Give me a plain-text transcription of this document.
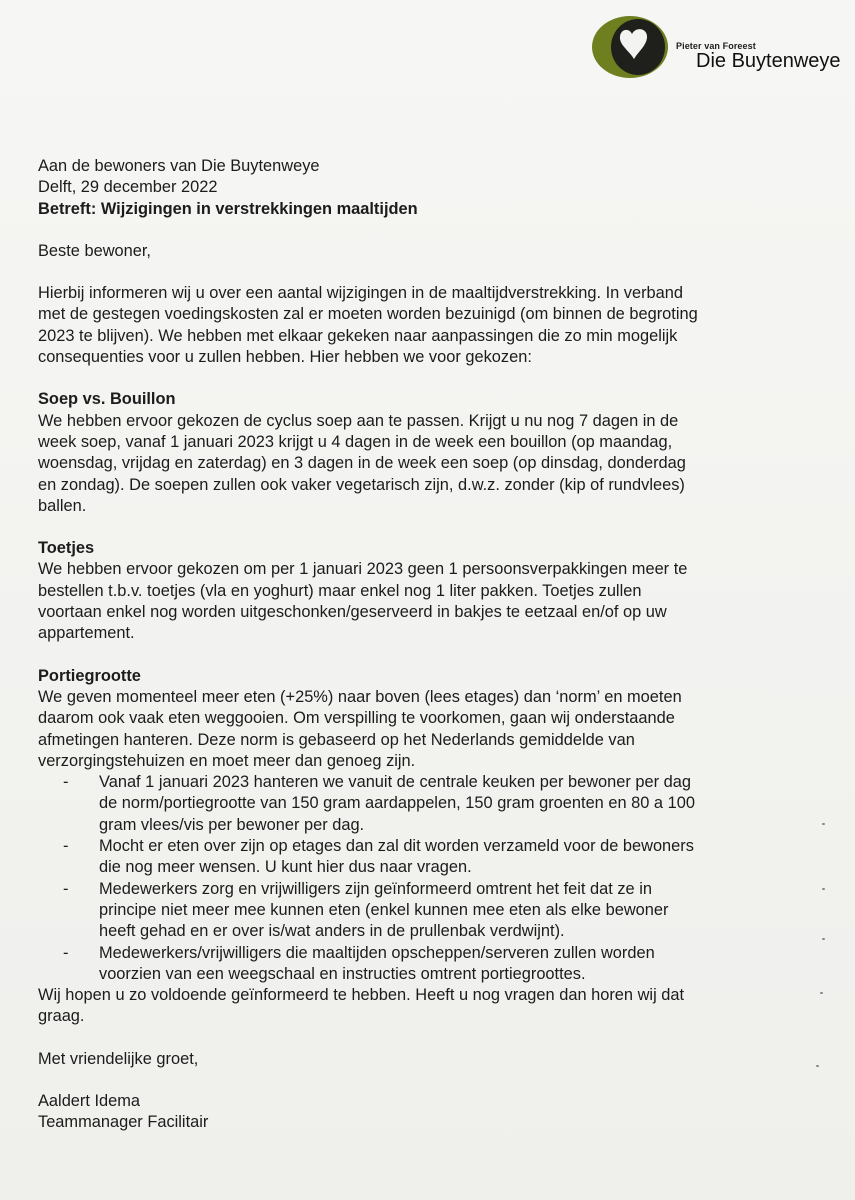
Pieter van Foreest
Die Buytenweye
Aan de bewoners van Die Buytenweye
Delft, 29 december 2022
Betreft: Wijzigingen in verstrekkingen maaltijden
Beste bewoner,
Hierbij informeren wij u over een aantal wijzigingen in de maaltijdverstrekking. In verband
met de gestegen voedingskosten zal er moeten worden bezuinigd (om binnen de begroting
2023 te blijven). We hebben met elkaar gekeken naar aanpassingen die zo min mogelijk
consequenties voor u zullen hebben. Hier hebben we voor gekozen:
Soep vs. Bouillon
We hebben ervoor gekozen de cyclus soep aan te passen. Krijgt u nu nog 7 dagen in de
week soep, vanaf 1 januari 2023 krijgt u 4 dagen in de week een bouillon (op maandag,
woensdag, vrijdag en zaterdag) en 3 dagen in de week een soep (op dinsdag, donderdag
en zondag). De soepen zullen ook vaker vegetarisch zijn, d.w.z. zonder (kip of rundvlees)
ballen.
Toetjes
We hebben ervoor gekozen om per 1 januari 2023 geen 1 persoonsverpakkingen meer te
bestellen t.b.v. toetjes (vla en yoghurt) maar enkel nog 1 liter pakken. Toetjes zullen
voortaan enkel nog worden uitgeschonken/geserveerd in bakjes te eetzaal en/of op uw
appartement.
Portiegrootte
We geven momenteel meer eten (+25%) naar boven (lees etages) dan ‘norm’ en moeten
daarom ook vaak eten weggooien. Om verspilling te voorkomen, gaan wij onderstaande
afmetingen hanteren. Deze norm is gebaseerd op het Nederlands gemiddelde van
verzorgingstehuizen en moet meer dan genoeg zijn.
-	Vanaf 1 januari 2023 hanteren we vanuit de centrale keuken per bewoner per dag
de norm/portiegrootte van 150 gram aardappelen, 150 gram groenten en 80 a 100
gram vlees/vis per bewoner per dag.
-	Mocht er eten over zijn op etages dan zal dit worden verzameld voor de bewoners
die nog meer wensen. U kunt hier dus naar vragen.
-	Medewerkers zorg en vrijwilligers zijn geïnformeerd omtrent het feit dat ze in
principe niet meer mee kunnen eten (enkel kunnen mee eten als elke bewoner
heeft gehad en er over is/wat anders in de prullenbak verdwijnt).
-	Medewerkers/vrijwilligers die maaltijden opscheppen/serveren zullen worden
voorzien van een weegschaal en instructies omtrent portiegroottes.
Wij hopen u zo voldoende geïnformeerd te hebben. Heeft u nog vragen dan horen wij dat
graag.
Met vriendelijke groet,
Aaldert Idema
Teammanager Facilitair
